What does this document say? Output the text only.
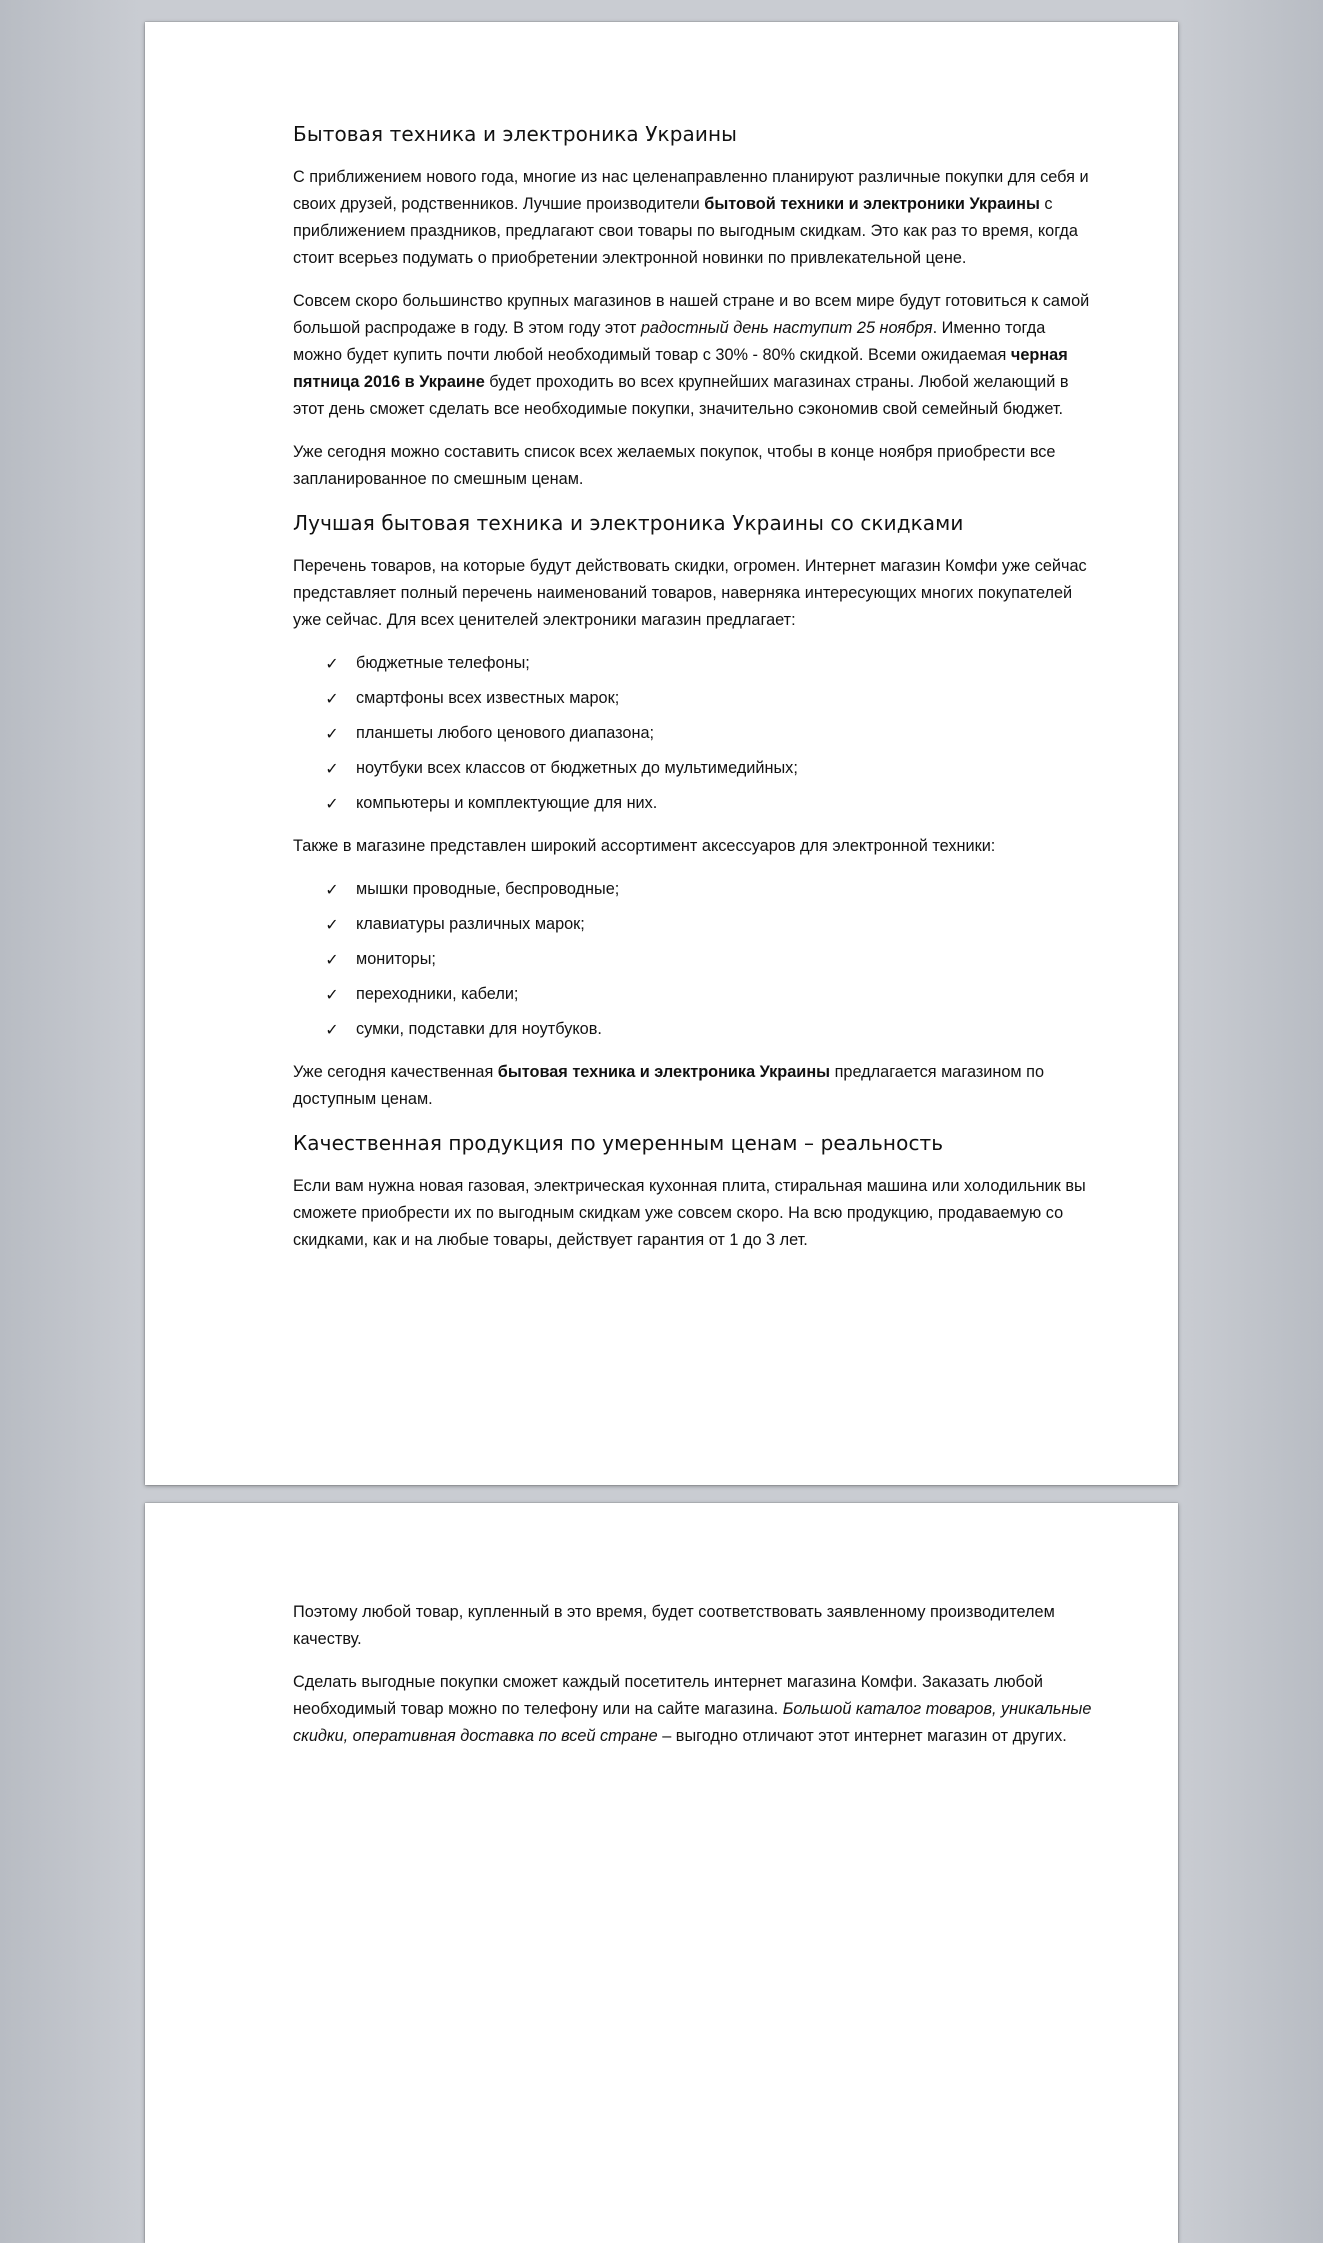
Бытовая техника и электроника Украины

С приближением нового года, многие из нас целенаправленно планируют различные покупки для себя и своих друзей, родственников. Лучшие производители бытовой техники и электроники Украины с приближением праздников, предлагают свои товары по выгодным скидкам. Это как раз то время, когда стоит всерьез подумать о приобретении электронной новинки по привлекательной цене.

Совсем скоро большинство крупных магазинов в нашей стране и во всем мире будут готовиться к самой большой распродаже в году. В этом году этот радостный день наступит 25 ноября. Именно тогда можно будет купить почти любой необходимый товар с 30% - 80% скидкой. Всеми ожидаемая черная пятница 2016 в Украине будет проходить во всех крупнейших магазинах страны. Любой желающий в этот день сможет сделать все необходимые покупки, значительно сэкономив свой семейный бюджет.

Уже сегодня можно составить список всех желаемых покупок, чтобы в конце ноября приобрести все запланированное по смешным ценам.

Лучшая бытовая техника и электроника Украины со скидками

Перечень товаров, на которые будут действовать скидки, огромен. Интернет магазин Комфи уже сейчас представляет полный перечень наименований товаров, наверняка интересующих многих покупателей уже сейчас. Для всех ценителей электроники магазин предлагает:

✓ бюджетные телефоны;
✓ смартфоны всех известных марок;
✓ планшеты любого ценового диапазона;
✓ ноутбуки всех классов от бюджетных до мультимедийных;
✓ компьютеры и комплектующие для них.

Также в магазине представлен широкий ассортимент аксессуаров для электронной техники:

✓ мышки проводные, беспроводные;
✓ клавиатуры различных марок;
✓ мониторы;
✓ переходники, кабели;
✓ сумки, подставки для ноутбуков.

Уже сегодня качественная бытовая техника и электроника Украины предлагается магазином по доступным ценам.

Качественная продукция по умеренным ценам – реальность

Если вам нужна новая газовая, электрическая кухонная плита, стиральная машина или холодильник вы сможете приобрести их по выгодным скидкам уже совсем скоро. На всю продукцию, продаваемую со скидками, как и на любые товары, действует гарантия от 1 до 3 лет.

Поэтому любой товар, купленный в это время, будет соответствовать заявленному производителем качеству.

Сделать выгодные покупки сможет каждый посетитель интернет магазина Комфи. Заказать любой необходимый товар можно по телефону или на сайте магазина. Большой каталог товаров, уникальные скидки, оперативная доставка по всей стране – выгодно отличают этот интернет магазин от других.
